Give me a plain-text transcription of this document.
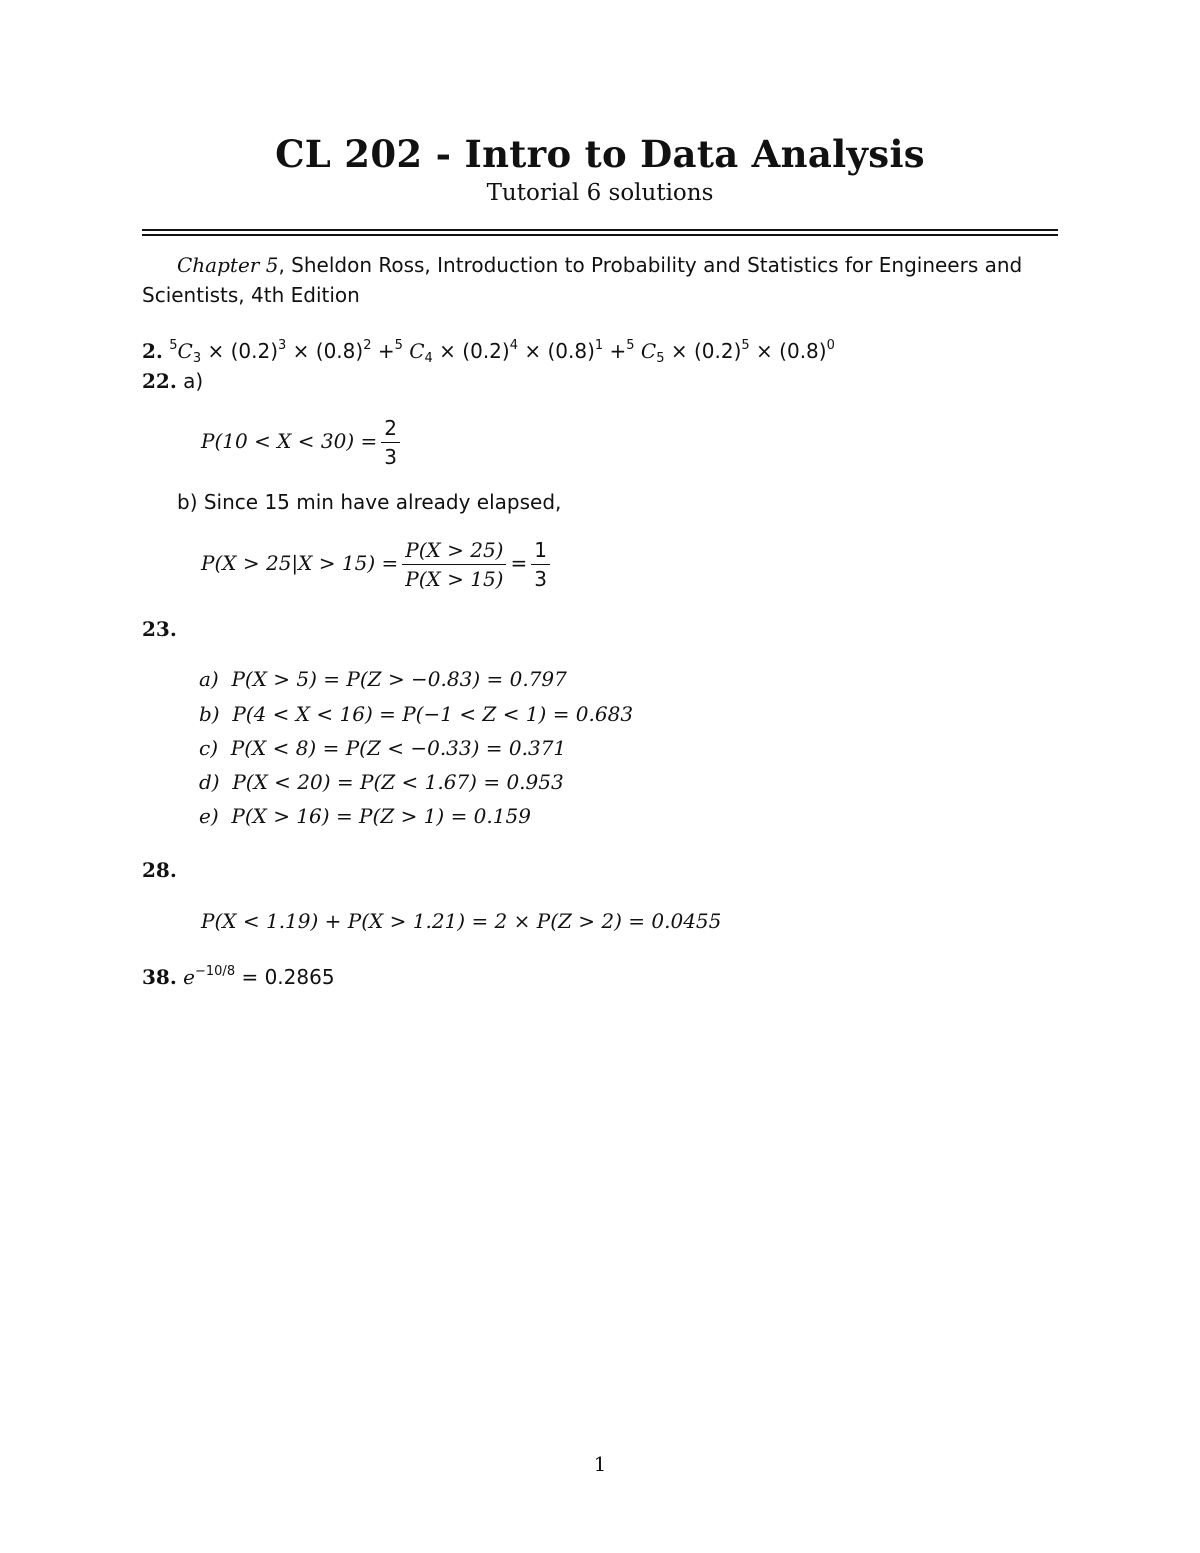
CL 202 - Intro to Data Analysis
Tutorial 6 solutions
Chapter 5, Sheldon Ross, Introduction to Probability and Statistics for Engineers and
Scientists, 4th Edition
2. $^5C_3 \times (0.2)^3 \times (0.8)^2 +^5$ $C_4 \times (0.2)^4 \times (0.8)^1 +^5$ $C_5 \times (0.2)^5 \times (0.8)^0$
22. a)
$P(10 < X < 30) = \frac{2}{3}$
b) Since 15 min have already elapsed,
$P(X > 25|X > 15) = \frac{P(X > 25)}{P(X > 15)} = \frac{1}{3}$
23.
a) P(X > 5) = P(Z > −0.83) = 0.797
b) P(4 < X < 16) = P(−1 < Z < 1) = 0.683
c) P(X < 8) = P(Z < −0.33) = 0.371
d) P(X < 20) = P(Z < 1.67) = 0.953
e) P(X > 16) = P(Z > 1) = 0.159
28.
P(X < 1.19) + P(X > 1.21) = 2 × P(Z > 2) = 0.0455
38. $e^{-10/8} = 0.2865$
1
